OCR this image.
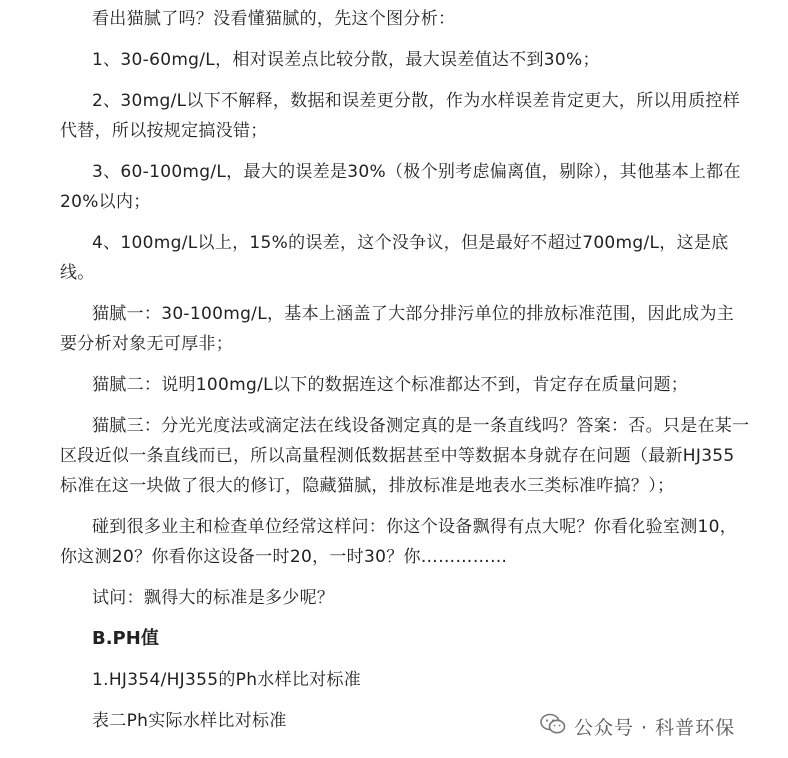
看出猫腻了吗？没看懂猫腻的，先这个图分析：

1、30-60mg/L，相对误差点比较分散，最大误差值达不到30%；

2、30mg/L以下不解释，数据和误差更分散，作为水样误差肯定更大，所以用质控样代替，所以按规定搞没错；

3、60-100mg/L，最大的误差是30%（极个别考虑偏离值，剔除），其他基本上都在20%以内；

4、100mg/L以上，15%的误差，这个没争议，但是最好不超过700mg/L，这是底线。

猫腻一：30-100mg/L，基本上涵盖了大部分排污单位的排放标准范围，因此成为主要分析对象无可厚非；

猫腻二：说明100mg/L以下的数据连这个标准都达不到，肯定存在质量问题；

猫腻三：分光光度法或滴定法在线设备测定真的是一条直线吗？答案：否。只是在某一区段近似一条直线而已，所以高量程测低数据甚至中等数据本身就存在问题（最新HJ355标准在这一块做了很大的修订，隐藏猫腻，排放标准是地表水三类标准咋搞？）；

碰到很多业主和检查单位经常这样问：你这个设备飘得有点大呢？你看化验室测10，你这测20？你看你这设备一时20，一时30？你……………

试问：飘得大的标准是多少呢？

B.PH值

1.HJ354/HJ355的Ph水样比对标准

表二Ph实际水样比对标准	公众号 · 科普环保
